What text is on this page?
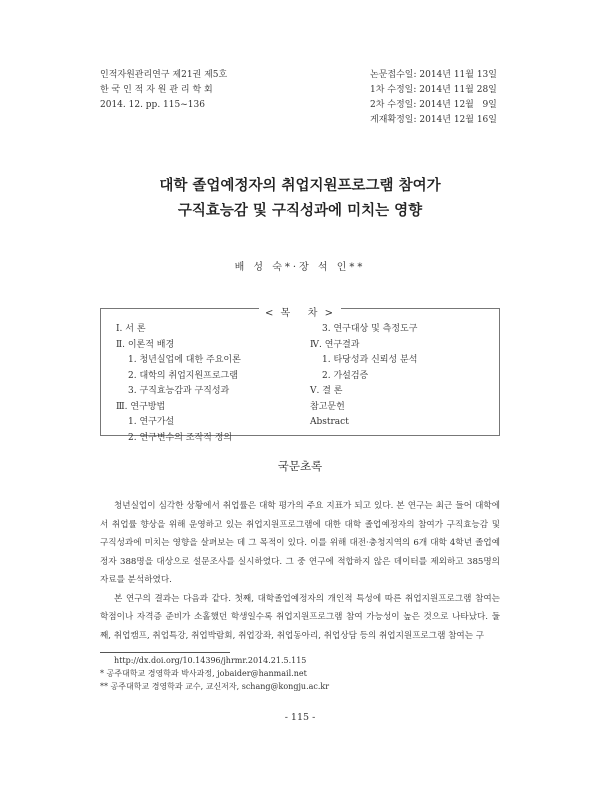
인적자원관리연구 제21권 제5호
한 국 인 적 자 원 관 리 학 회
2014. 12. pp. 115~136
논문접수일: 2014년 11월 13일
1차 수정일: 2014년 11월 28일
2차 수정일: 2014년 12월   9일
게재확정일: 2014년 12월 16일
대학 졸업예정자의 취업지원프로그램 참여가
구직효능감 및 구직성과에 미치는 영향
배 성 숙*·장 석 인**
< 목   차 >
Ⅰ. 서 론
Ⅱ. 이론적 배경
1. 청년실업에 대한 주요이론
2. 대학의 취업지원프로그램
3. 구직효능감과 구직성과
Ⅲ. 연구방법
1. 연구가설
2. 연구변수의 조작적 정의
3. 연구대상 및 측정도구
Ⅳ. 연구결과
1. 타당성과 신뢰성 분석
2. 가설검증
Ⅴ. 결 론
참고문헌
Abstract
국문초록

청년실업이 심각한 상황에서 취업률은 대학 평가의 주요 지표가 되고 있다. 본 연구는 최근 들어 대학에서 취업률 향상을 위해 운영하고 있는 취업지원프로그램에 대한 대학 졸업예정자의 참여가 구직효능감 및 구직성과에 미치는 영향을 살펴보는 데 그 목적이 있다. 이를 위해 대전·충청지역의 6개 대학 4학년 졸업예정자 388명을 대상으로 설문조사를 실시하였다. 그 중 연구에 적합하지 않은 데이터를 제외하고 385명의 자료를 분석하였다.

본 연구의 결과는 다음과 같다. 첫째, 대학졸업예정자의 개인적 특성에 따른 취업지원프로그램 참여는 학점이나 자격증 준비가 소홀했던 학생일수록 취업지원프로그램 참여 가능성이 높은 것으로 나타났다. 둘째, 취업캠프, 취업특강, 취업박람회, 취업강좌, 취업동아리, 취업상담 등의 취업지원프로그램 참여는 구

http://dx.doi.org/10.14396/jhrmr.2014.21.5.115
* 공주대학교 경영학과 박사과정, jobaider@hanmail.net
** 공주대학교 경영학과 교수, 교신저자, schang@kongju.ac.kr
- 115 -
